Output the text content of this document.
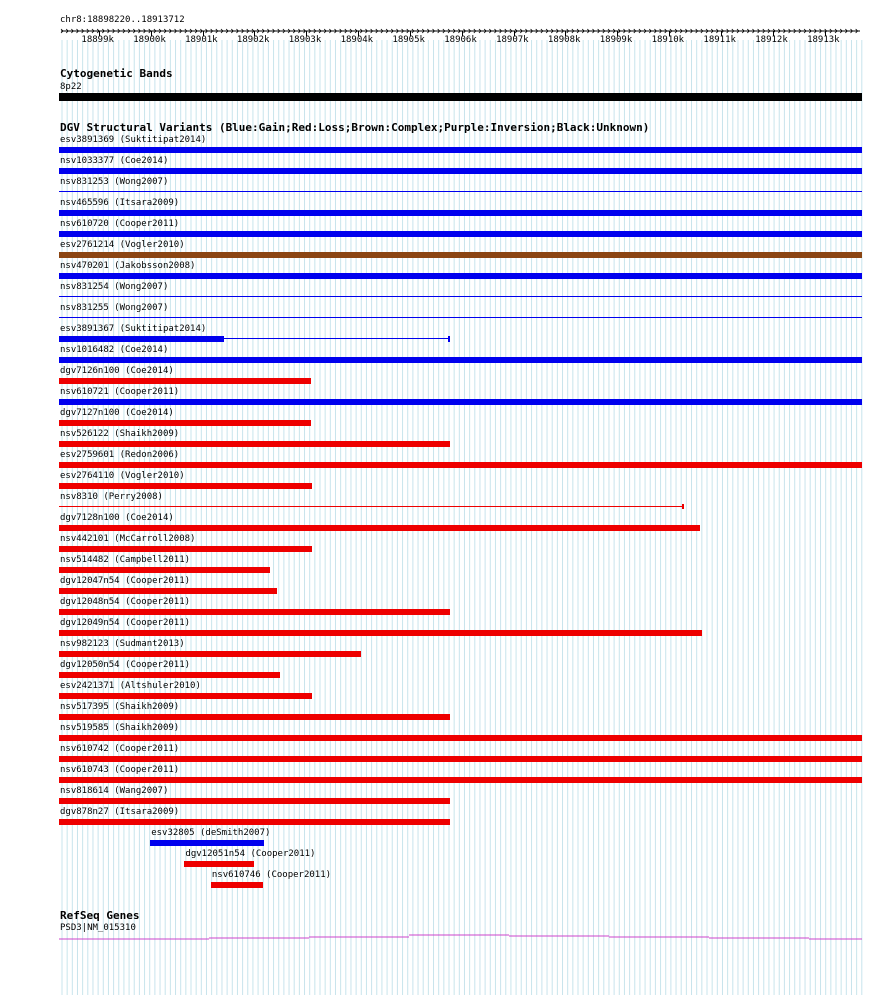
chr8:18898220..18913712
18899k 18900k 18901k 18902k 18903k 18904k 18905k 18906k 18907k 18908k 18909k 18910k 18911k 18912k 18913k
Cytogenetic Bands
8p22
DGV Structural Variants (Blue:Gain;Red:Loss;Brown:Complex;Purple:Inversion;Black:Unknown)
esv3891369 (Suktitipat2014)
nsv1033377 (Coe2014)
nsv831253 (Wong2007)
nsv465596 (Itsara2009)
nsv610720 (Cooper2011)
esv2761214 (Vogler2010)
nsv470201 (Jakobsson2008)
nsv831254 (Wong2007)
nsv831255 (Wong2007)
esv3891367 (Suktitipat2014)
nsv1016482 (Coe2014)
dgv7126n100 (Coe2014)
nsv610721 (Cooper2011)
dgv7127n100 (Coe2014)
nsv526122 (Shaikh2009)
esv2759601 (Redon2006)
esv2764110 (Vogler2010)
nsv8310 (Perry2008)
dgv7128n100 (Coe2014)
nsv442101 (McCarroll2008)
nsv514482 (Campbell2011)
dgv12047n54 (Cooper2011)
dgv12048n54 (Cooper2011)
dgv12049n54 (Cooper2011)
nsv982123 (Sudmant2013)
dgv12050n54 (Cooper2011)
esv2421371 (Altshuler2010)
nsv517395 (Shaikh2009)
nsv519585 (Shaikh2009)
nsv610742 (Cooper2011)
nsv610743 (Cooper2011)
nsv818614 (Wang2007)
dgv878n27 (Itsara2009)
esv32805 (deSmith2007)
dgv12051n54 (Cooper2011)
nsv610746 (Cooper2011)
RefSeq Genes
PSD3|NM_015310
